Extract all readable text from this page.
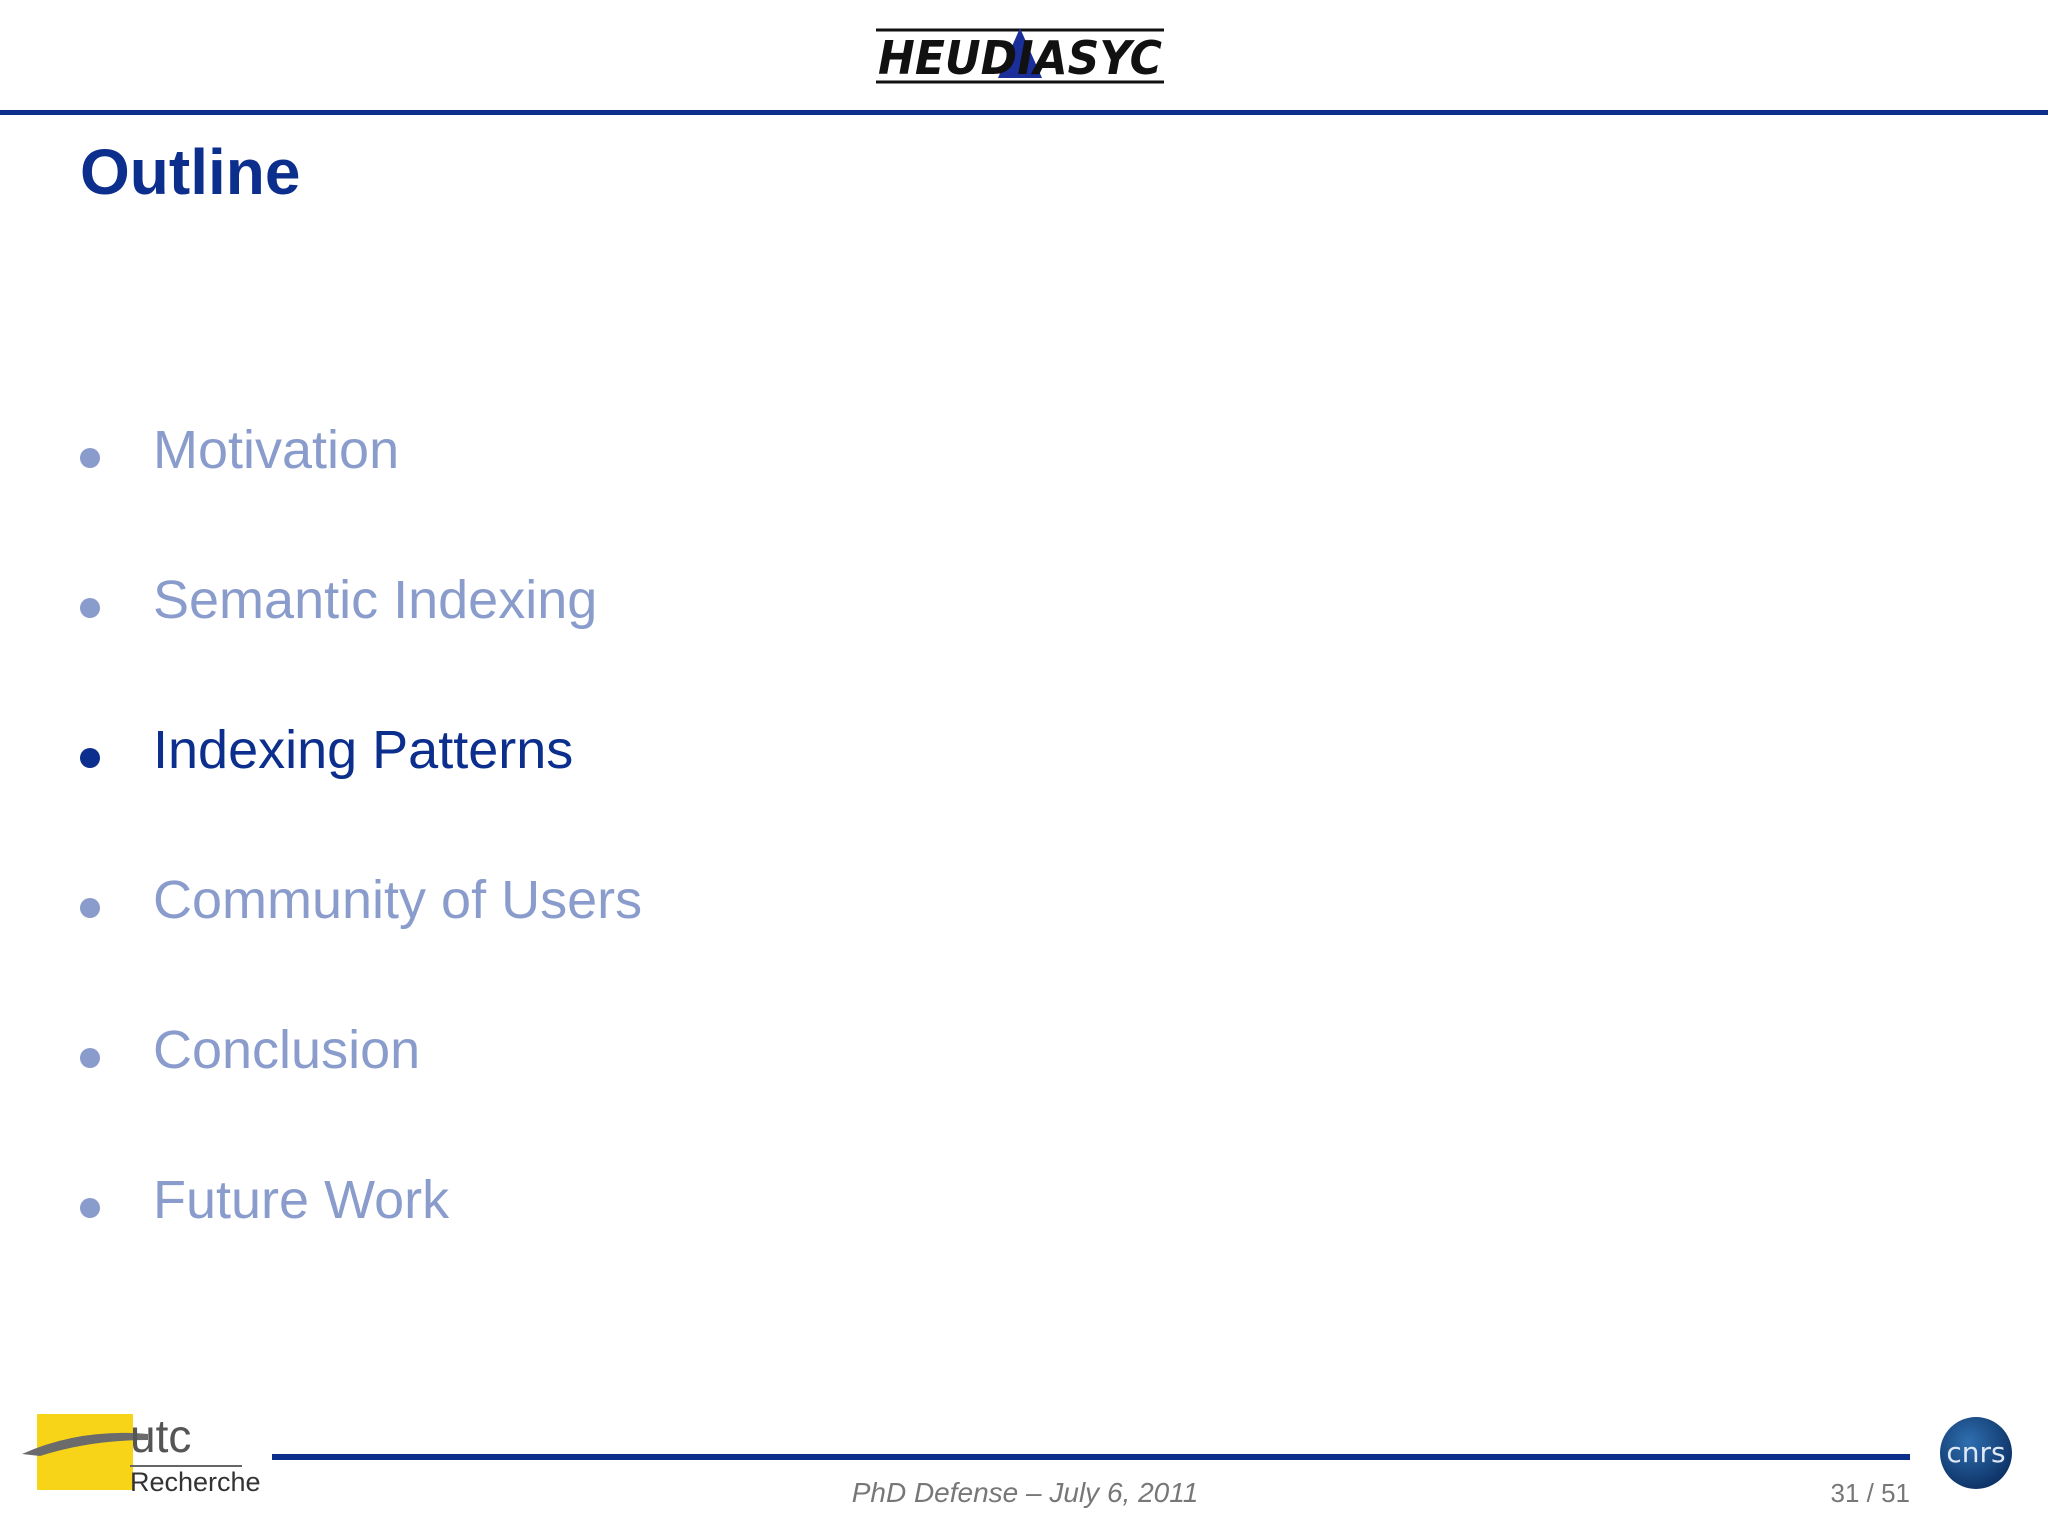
HEUDIASYC
Outline
Motivation
Semantic Indexing
Indexing Patterns
Community of Users
Conclusion
Future Work
utc
Recherche	PhD Defense – July 6, 2011	31 / 51
cnrs
